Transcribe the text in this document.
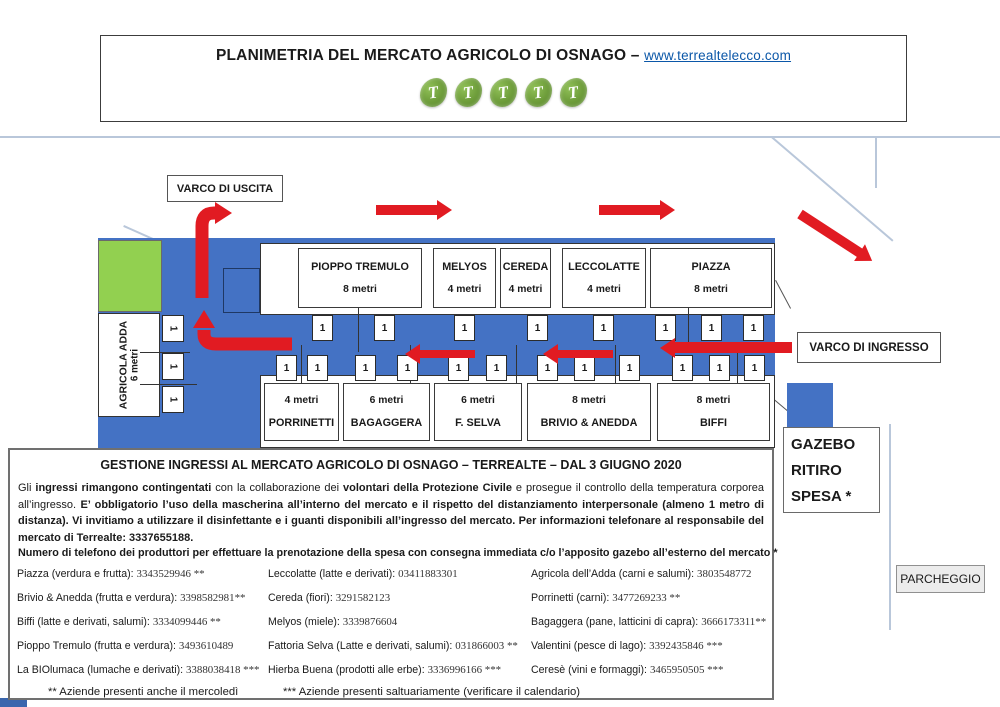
PLANIMETRIA DEL MERCATO AGRICOLO DI OSNAGO – www.terrealtelecco.com
T T T T T
AGRICOLA ADDA 6 metri
PIOPPO TREMULO
8 metri
MELYOS
4 metri
CEREDA
4 metri
LECCOLATTE
4 metri
PIAZZA
8 metri
4 metri
PORRINETTI
6 metri
BAGAGGERA
6 metri
F. SELVA
8 metri
BRIVIO & ANEDDA
8 metri
BIFFI
1	1	1	1	1	1	1	1
1	1	1	1	1	1	1	1	1	1	1	1
1
1
1
VARCO DI USCITA
VARCO DI INGRESSO
GAZEBO
RITIRO
SPESA *
PARCHEGGIO
GESTIONE INGRESSI AL MERCATO AGRICOLO DI OSNAGO – TERREALTE – DAL 3 GIUGNO 2020
Gli ingressi rimangono contingentati con la collaborazione dei volontari della Protezione Civile e prosegue il controllo della temperatura corporea all’ingresso. E’ obbligatorio l’uso della mascherina all’interno del mercato e il rispetto del distanziamento interpersonale (almeno 1 metro di distanza). Vi invitiamo a utilizzare il disinfettante e i guanti disponibili all’ingresso del mercato. Per informazioni telefonare al responsabile del mercato di Terrealte: 3337655188.
Numero di telefono dei produttori per effettuare la prenotazione della spesa con consegna immediata c/o l’apposito gazebo all’esterno del mercato *
Piazza (verdura e frutta): 3343529946 **	Leccolatte (latte e derivati): 03411883301	Agricola dell’Adda (carni e salumi): 3803548772
Brivio & Anedda (frutta e verdura): 3398582981** Cereda (fiori): 3291582123	Porrinetti (carni): 3477269233 **
Biffi (latte e derivati, salumi): 3334099446 **	Melyos (miele): 3339876604	Bagaggera (pane, latticini di capra): 3666173311**
Pioppo Tremulo (frutta e verdura): 3493610489	Fattoria Selva (Latte e derivati, salumi): 031866003 ** Valentini (pesce di lago): 3392435846 ***
La BIOlumaca (lumache e derivati): 3388038418 *** Hierba Buena (prodotti alle erbe): 3336996166 ***	Ceresè (vini e formaggi): 3465950505 ***
** Aziende presenti anche il mercoledì	*** Aziende presenti saltuariamente (verificare il calendario)
